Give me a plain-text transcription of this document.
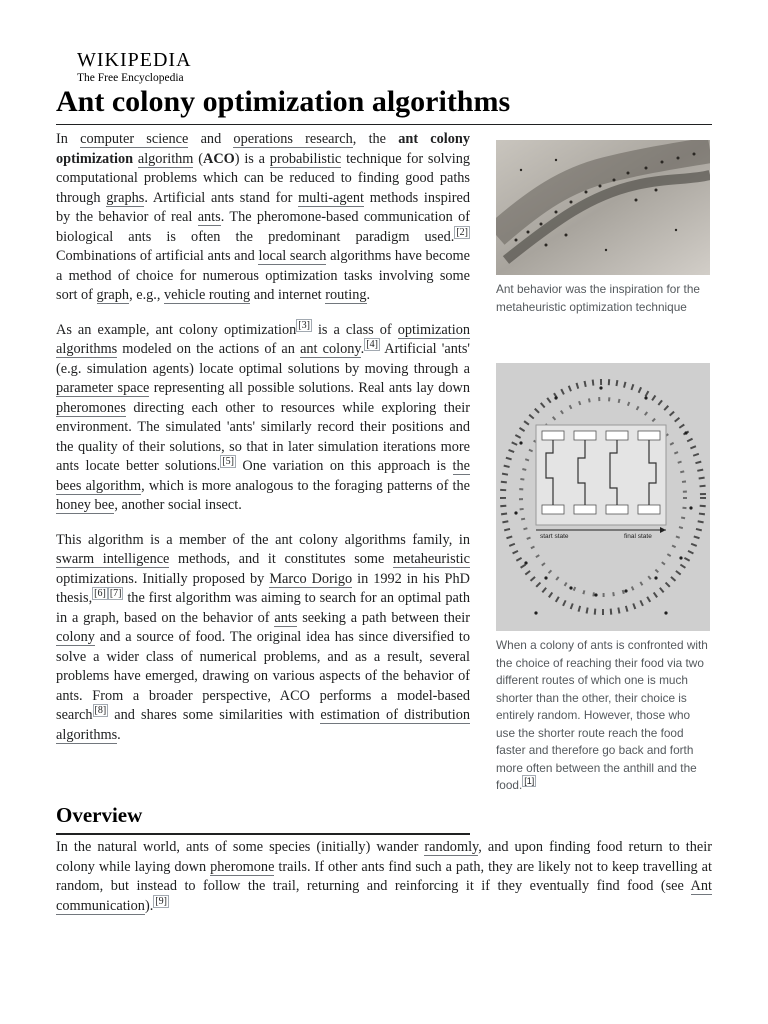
WIKIPEDIA
The Free Encyclopedia
Ant colony optimization algorithms

In computer science and operations research, the ant colony optimization algorithm (ACO) is a probabilistic technique for solving computational problems which can be reduced to finding good paths through graphs. Artificial ants stand for multi-agent methods inspired by the behavior of real ants. The pheromone-based communication of biological ants is often the predominant paradigm used. [2] Combinations of artificial ants and local search algorithms have become a method of choice for numerous optimization tasks involving some sort of graph, e.g., vehicle routing and internet routing.

As an example, ant colony optimization [3] is a class of optimization algorithms modeled on the actions of an ant colony. [4] Artificial 'ants' (e.g. simulation agents) locate optimal solutions by moving through a parameter space representing all possible solutions. Real ants lay down pheromones directing each other to resources while exploring their environment. The simulated 'ants' similarly record their positions and the quality of their solutions, so that in later simulation iterations more ants locate better solutions. [5] One variation on this approach is the bees algorithm, which is more analogous to the foraging patterns of the honey bee, another social insect.

This algorithm is a member of the ant colony algorithms family, in swarm intelligence methods, and it constitutes some metaheuristic optimizations. Initially proposed by Marco Dorigo in 1992 in his PhD thesis, [6] [7] the first algorithm was aiming to search for an optimal path in a graph, based on the behavior of ants seeking a path between their colony and a source of food. The original idea has since diversified to solve a wider class of numerical problems, and as a result, several problems have emerged, drawing on various aspects of the behavior of ants. From a broader perspective, ACO performs a model-based search [8] and shares some similarities with estimation of distribution algorithms.

Overview

In the natural world, ants of some species (initially) wander randomly, and upon finding food return to their colony while laying down pheromone trails. If other ants find such a path, they are likely not to keep travelling at random, but instead to follow the trail, returning and reinforcing it if they eventually find food (see Ant communication). [9]

Ant behavior was the inspiration for the metaheuristic optimization technique
start state	final state
When a colony of ants is confronted with the choice of reaching their food via two different routes of which one is much shorter than the other, their choice is entirely random. However, those who use the shorter route reach the food faster and therefore go back and forth more often between the anthill and the food. [1]
